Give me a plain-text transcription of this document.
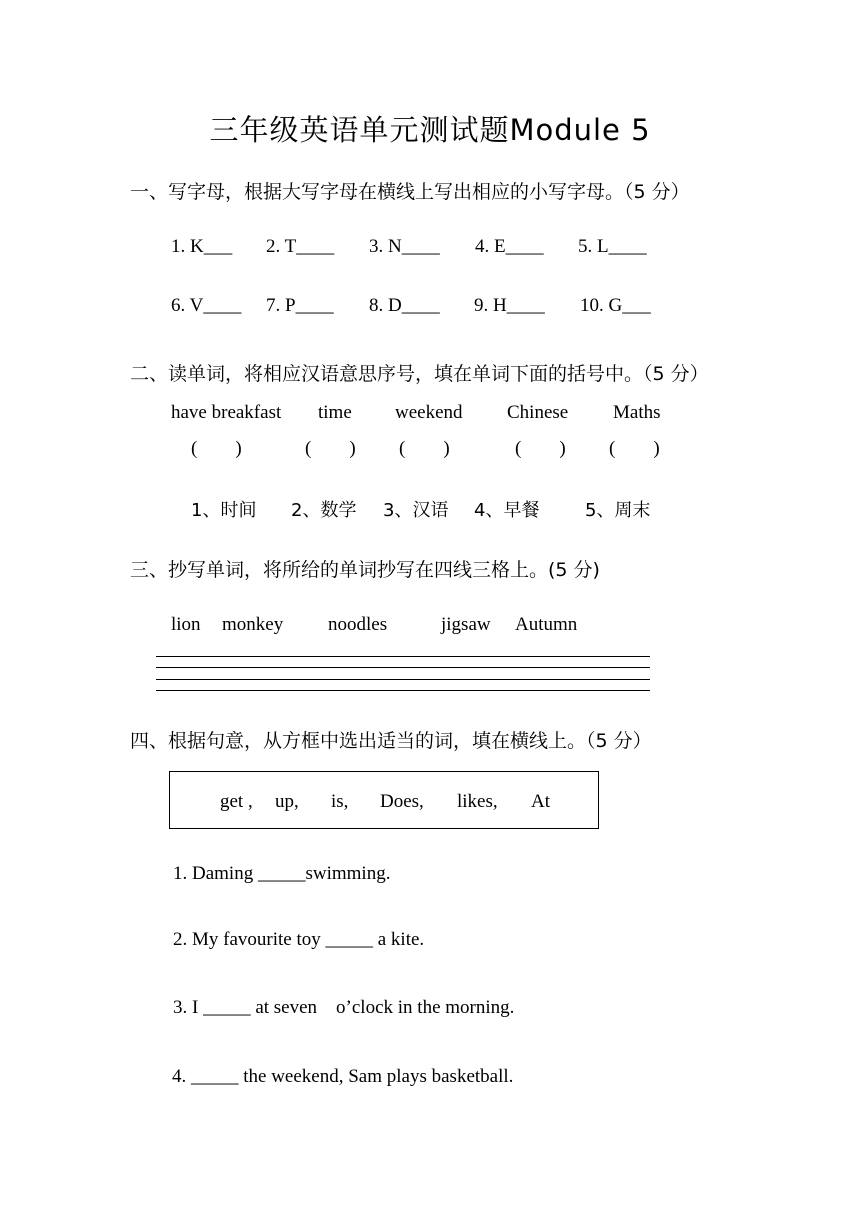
三年级英语单元测试题Module 5
一、写字母，根据大写字母在横线上写出相应的小写字母。（5 分）
1. K___ 2. T____ 3. N____ 4. E____ 5. L____
6. V____ 7. P____ 8. D____ 9. H____ 10. G___
二、读单词，将相应汉语意思序号，填在单词下面的括号中。（5 分）
have breakfast time weekend Chinese Maths
(        )	(        ) (        )	(        ) (        )
1、时间 2、数学 3、汉语 4、早餐	5、周末
三、抄写单词，将所给的单词抄写在四线三格上。(5 分)
lion monkey noodles	jigsaw Autumn
四、根据句意，从方框中选出适当的词，填在横线上。（5 分）
get , up, is, Does, likes, At
1. Daming _____swimming.
2. My favourite toy _____ a kite.
3. I _____ at seven    o’clock in the morning.
4. _____ the weekend, Sam plays basketball.
